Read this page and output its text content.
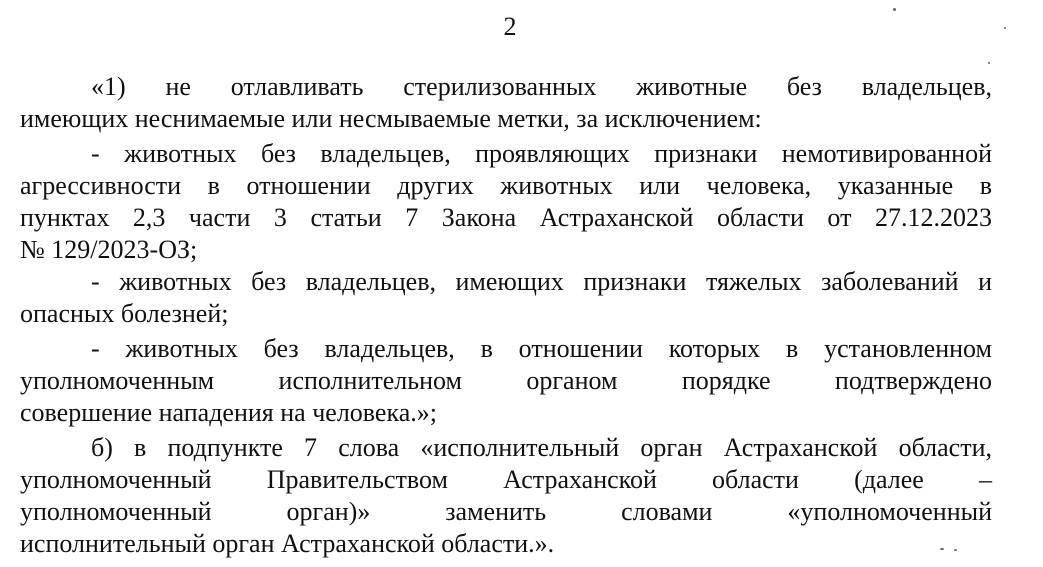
2
«1) не отлавливать стерилизованных животные без владельцев,
имеющих неснимаемые или несмываемые метки, за исключением:
- животных без владельцев, проявляющих признаки немотивированной
агрессивности в отношении других животных или человека, указанные в
пунктах 2,3 части 3 статьи 7 Закона Астраханской области от 27.12.2023
№ 129/2023-ОЗ;
- животных без владельцев, имеющих признаки тяжелых заболеваний и
опасных болезней;
- животных без владельцев, в отношении которых в установленном
уполномоченным исполнительном органом порядке подтверждено
совершение нападения на человека.»;
б) в подпункте 7 слова «исполнительный орган Астраханской области,
уполномоченный Правительством Астраханской области (далее –
уполномоченный орган)» заменить словами «уполномоченный
исполнительный орган Астраханской области.».
